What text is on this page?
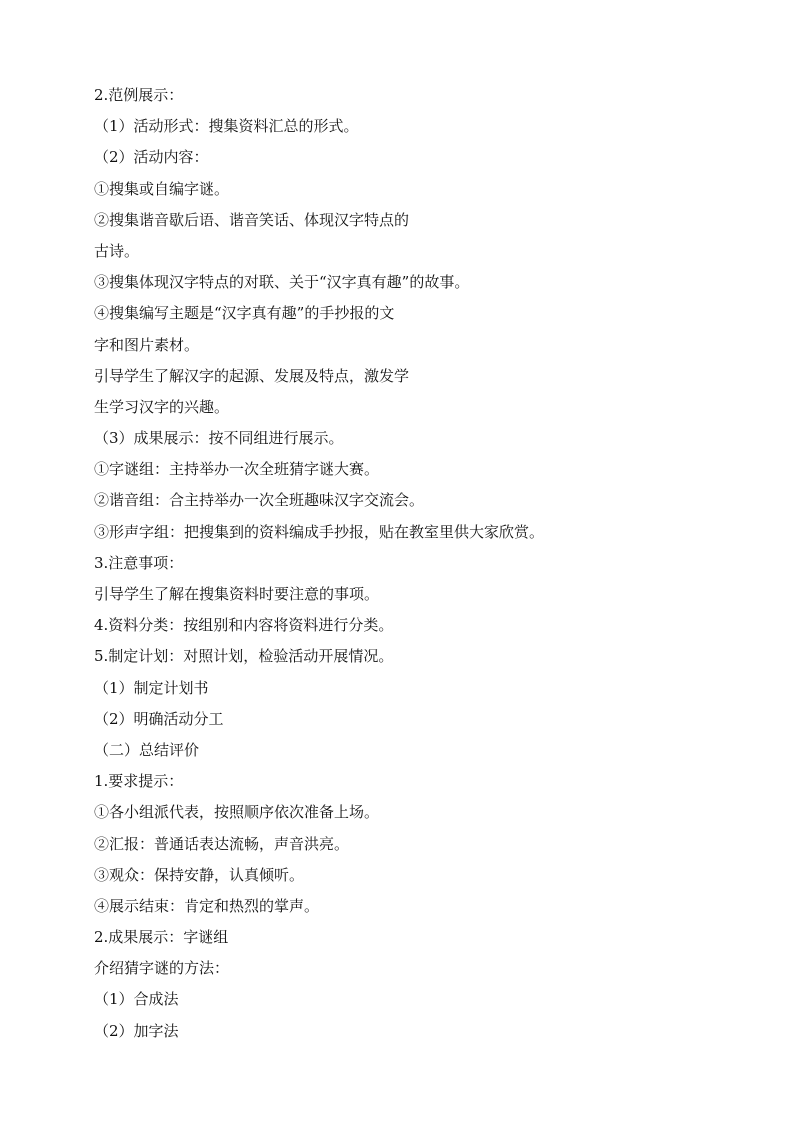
2.范例展示：

（1）活动形式：搜集资料汇总的形式。

（2）活动内容：

①搜集或自编字谜。

②搜集谐音歇后语、谐音笑话、体现汉字特点的

古诗。

③搜集体现汉字特点的对联、关于“汉字真有趣”的故事。

④搜集编写主题是“汉字真有趣”的手抄报的文

字和图片素材。

引导学生了解汉字的起源、发展及特点，激发学

生学习汉字的兴趣。

（3）成果展示：按不同组进行展示。

①字谜组：主持举办一次全班猜字谜大赛。

②谐音组：合主持举办一次全班趣味汉字交流会。

③形声字组：把搜集到的资料编成手抄报，贴在教室里供大家欣赏。

3.注意事项：

引导学生了解在搜集资料时要注意的事项。

4.资料分类：按组别和内容将资料进行分类。

5.制定计划：对照计划，检验活动开展情况。

（1）制定计划书

（2）明确活动分工

（二）总结评价

1.要求提示：

①各小组派代表，按照顺序依次准备上场。

②汇报：普通话表达流畅，声音洪亮。

③观众：保持安静，认真倾听。

④展示结束：肯定和热烈的掌声。

2.成果展示：字谜组

介绍猜字谜的方法：

（1）合成法

（2）加字法
